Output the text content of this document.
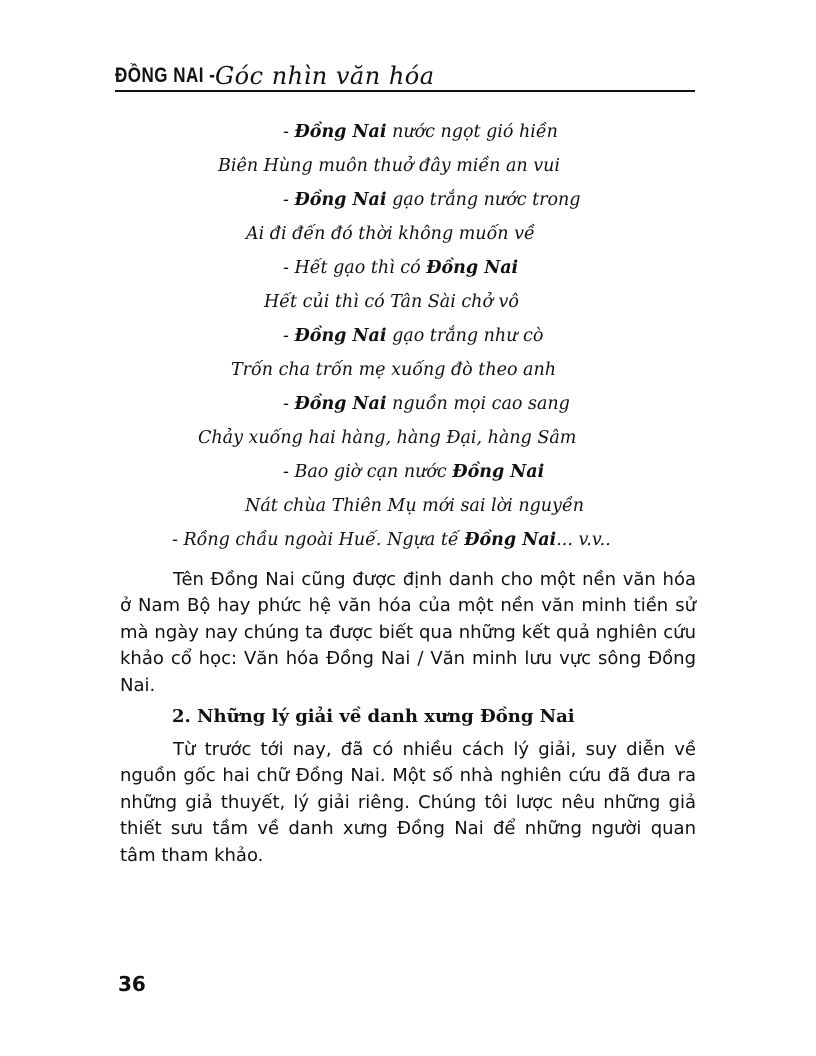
ĐỒNG NAI - Góc nhìn văn hóa
- Đồng Nai nước ngọt gió hiền
Biên Hùng muôn thuở đây miền an vui
- Đồng Nai gạo trắng nước trong
Ai đi đến đó thời không muốn về
- Hết gạo thì có Đồng Nai
Hết củi thì có Tân Sài chở vô
- Đồng Nai gạo trắng như cò
Trốn cha trốn mẹ xuống đò theo anh
- Đồng Nai nguồn mọi cao sang
Chảy xuống hai hàng, hàng Đại, hàng Sâm
- Bao giờ cạn nước Đồng Nai
Nát chùa Thiên Mụ mới sai lời nguyền
- Rồng chầu ngoài Huế. Ngựa tế Đồng Nai... v.v..
Tên Đồng Nai cũng được định danh cho một nền văn hóa ở Nam Bộ hay phức hệ văn hóa của một nền văn minh tiền sử mà ngày nay chúng ta được biết qua những kết quả nghiên cứu khảo cổ học: Văn hóa Đồng Nai / Văn minh lưu vực sông Đồng Nai.
2. Những lý giải về danh xưng Đồng Nai
Từ trước tới nay, đã có nhiều cách lý giải, suy diễn về nguồn gốc hai chữ Đồng Nai. Một số nhà nghiên cứu đã đưa ra những giả thuyết, lý giải riêng. Chúng tôi lược nêu những giả thiết sưu tầm về danh xưng Đồng Nai để những người quan tâm tham khảo.
36
